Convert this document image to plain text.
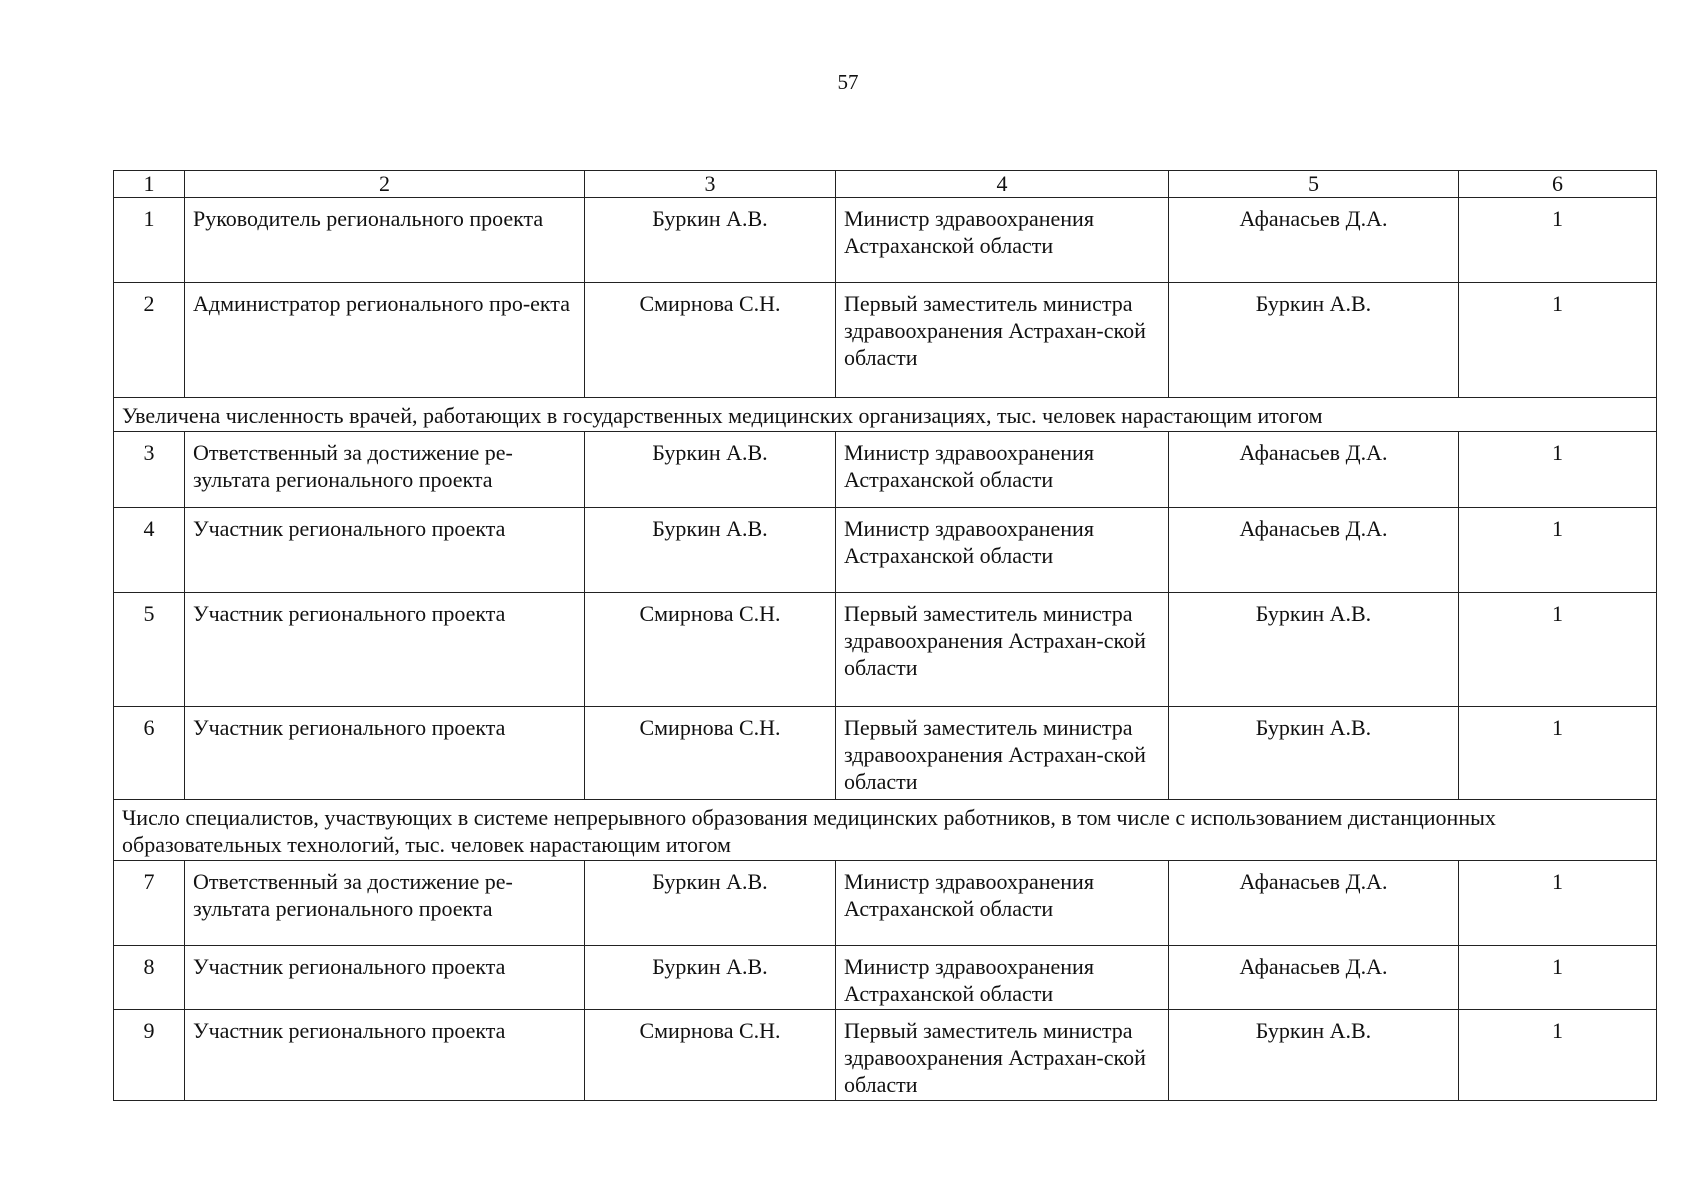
57
1	2	3	4	5	6
1	Руководитель регионального проекта	Буркин А.В.	Министр здравоохранения Астраханской области	Афанасьев Д.А.	1
2	Администратор регионального про-екта	Смирнова С.Н.	Первый заместитель министра здравоохранения Астрахан-ской области	Буркин А.В.	1
Увеличена численность врачей, работающих в государственных медицинских организациях, тыс. человек нарастающим итогом					
3	Ответственный за достижение ре-зультата регионального проекта	Буркин А.В.	Министр здравоохранения Астраханской области	Афанасьев Д.А.	1
4	Участник регионального проекта	Буркин А.В.	Министр здравоохранения Астраханской области	Афанасьев Д.А.	1
5	Участник регионального проекта	Смирнова С.Н.	Первый заместитель министра здравоохранения Астрахан-ской области	Буркин А.В.	1
6	Участник регионального проекта	Смирнова С.Н.	Первый заместитель министра здравоохранения Астрахан-ской области	Буркин А.В.	1
Число специалистов, участвующих в системе непрерывного образования медицинских работников, в том числе с использованием дистанционных образовательных технологий, тыс. человек нарастающим итогом					
7	Ответственный за достижение ре-зультата регионального проекта	Буркин А.В.	Министр здравоохранения Астраханской области	Афанасьев Д.А.	1
8	Участник регионального проекта	Буркин А.В.	Министр здравоохранения Астраханской области	Афанасьев Д.А.	1
9	Участник регионального проекта	Смирнова С.Н.	Первый заместитель министра здравоохранения Астрахан-ской области	Буркин А.В.	1
